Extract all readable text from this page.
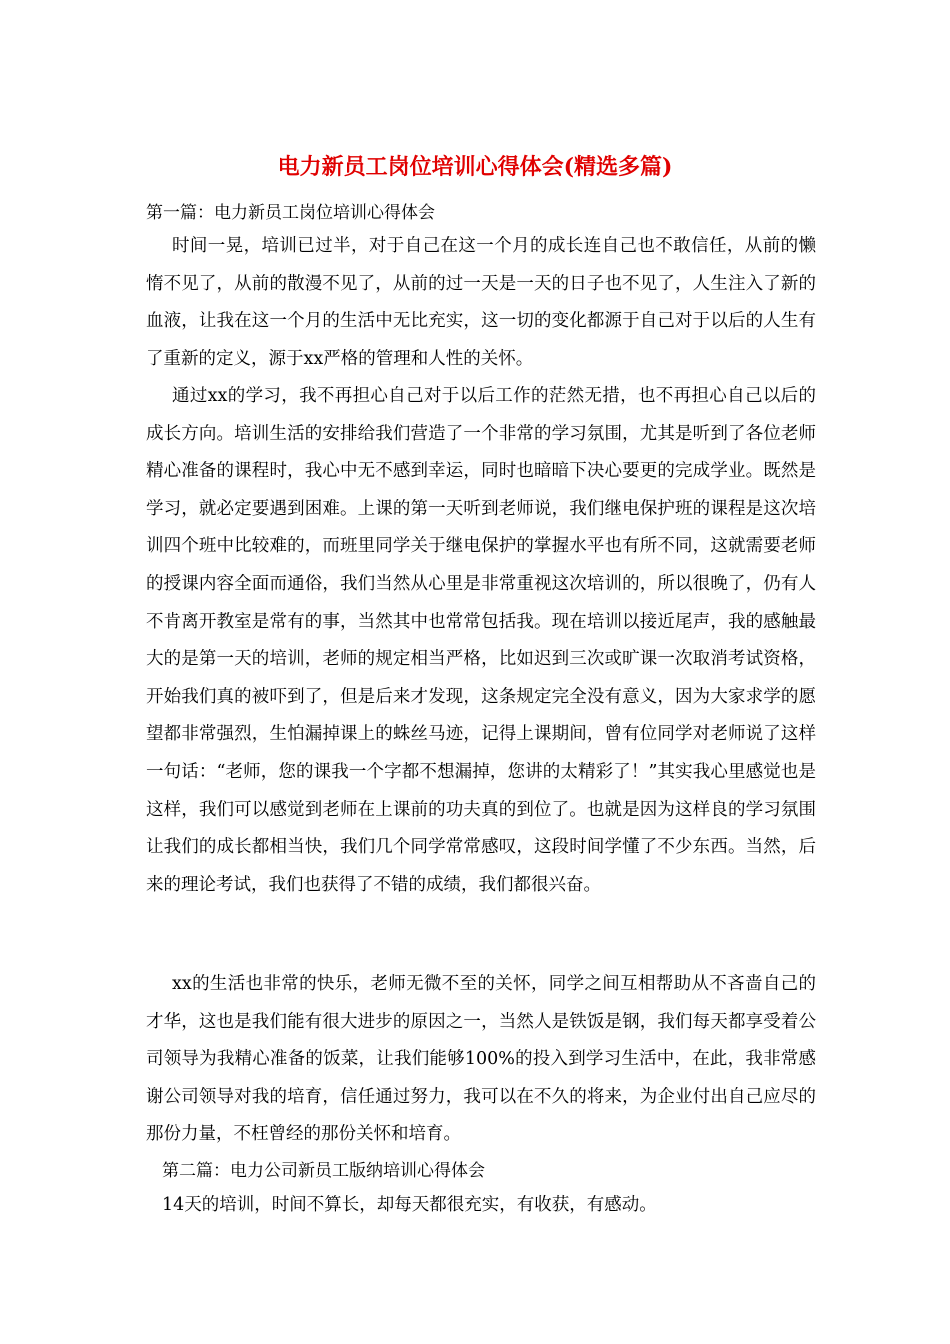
电力新员工岗位培训心得体会(精选多篇)

第一篇：电力新员工岗位培训心得体会

时间一晃，培训已过半，对于自己在这一个月的成长连自己也不敢信任，从前的懒惰不见了，从前的散漫不见了，从前的过一天是一天的日子也不见了，人生注入了新的血液，让我在这一个月的生活中无比充实，这一切的变化都源于自己对于以后的人生有了重新的定义，源于xx严格的管理和人性的关怀。

通过xx的学习，我不再担心自己对于以后工作的茫然无措，也不再担心自己以后的成长方向。培训生活的安排给我们营造了一个非常的学习氛围，尤其是听到了各位老师精心准备的课程时，我心中无不感到幸运，同时也暗暗下决心要更的完成学业。既然是学习，就必定要遇到困难。上课的第一天听到老师说，我们继电保护班的课程是这次培训四个班中比较难的，而班里同学关于继电保护的掌握水平也有所不同，这就需要老师的授课内容全面而通俗，我们当然从心里是非常重视这次培训的，所以很晚了，仍有人不肯离开教室是常有的事，当然其中也常常包括我。现在培训以接近尾声，我的感触最大的是第一天的培训，老师的规定相当严格，比如迟到三次或旷课一次取消考试资格，开始我们真的被吓到了，但是后来才发现，这条规定完全没有意义，因为大家求学的愿望都非常强烈，生怕漏掉课上的蛛丝马迹，记得上课期间，曾有位同学对老师说了这样一句话：“老师，您的课我一个字都不想漏掉，您讲的太精彩了！”其实我心里感觉也是这样，我们可以感觉到老师在上课前的功夫真的到位了。也就是因为这样良的学习氛围让我们的成长都相当快，我们几个同学常常感叹，这段时间学懂了不少东西。当然，后来的理论考试，我们也获得了不错的成绩，我们都很兴奋。

xx的生活也非常的快乐，老师无微不至的关怀，同学之间互相帮助从不吝啬自己的才华，这也是我们能有很大进步的原因之一，当然人是铁饭是钢，我们每天都享受着公司领导为我精心准备的饭菜，让我们能够100%的投入到学习生活中，在此，我非常感谢公司领导对我的培育，信任通过努力，我可以在不久的将来，为企业付出自己应尽的那份力量，不枉曾经的那份关怀和培育。

第二篇：电力公司新员工版纳培训心得体会

14天的培训，时间不算长，却每天都很充实，有收获，有感动。
